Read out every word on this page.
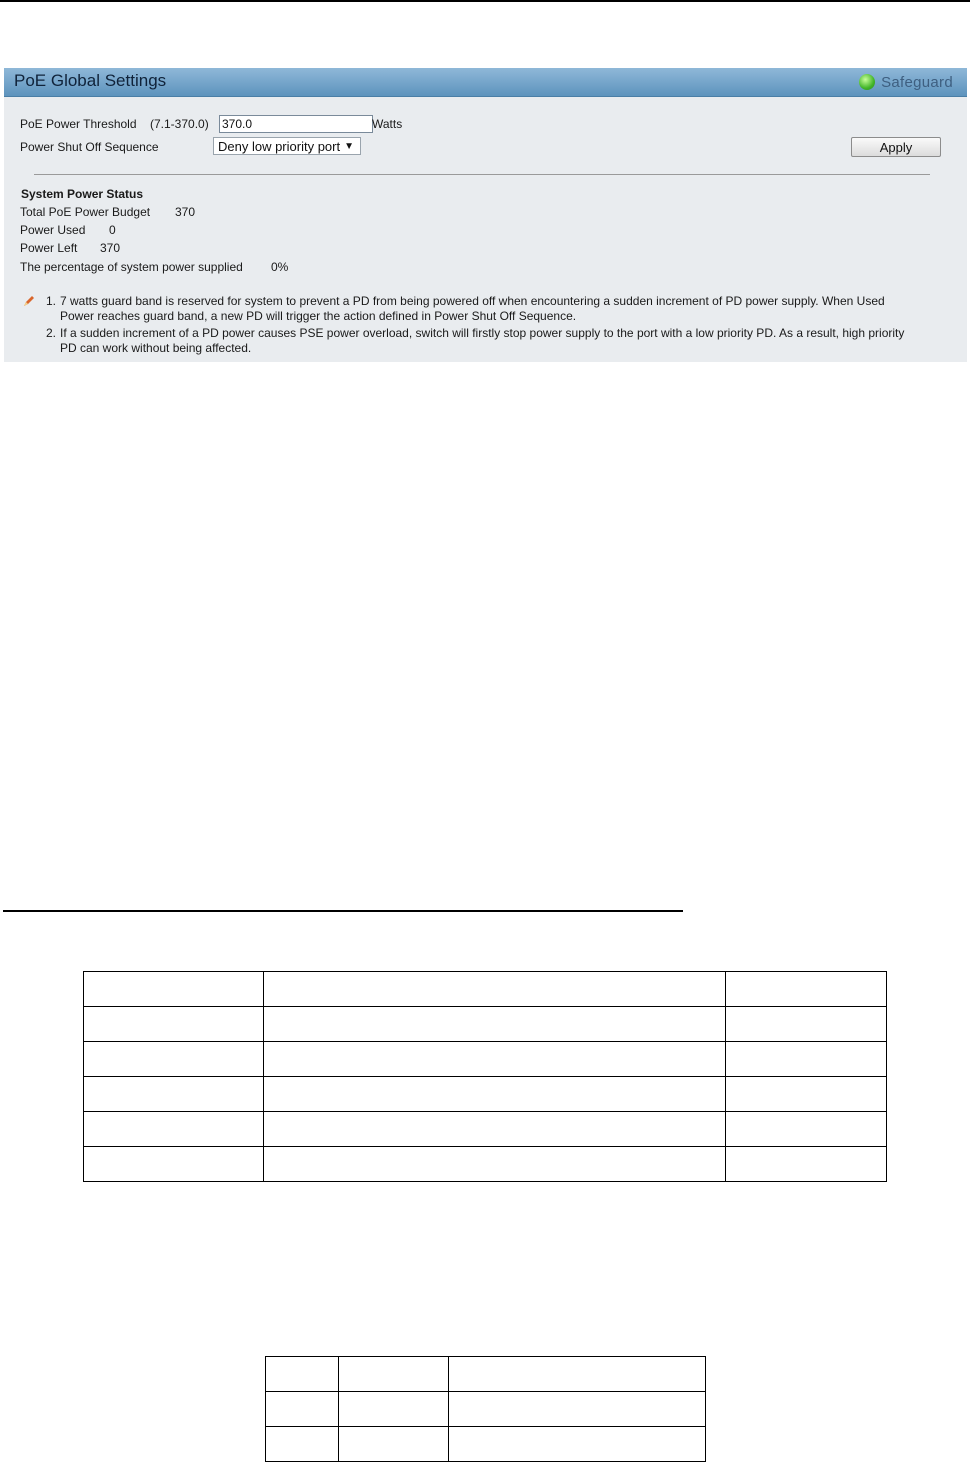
PoE Global Settings	Safeguard
PoE Power Threshold (7.1-370.0)
370.0	Watts
Power Shut Off Sequence	Deny low priority port ▼	Apply
System Power Status
Total PoE Power Budget 370
Power Used 0
Power Left 370
The percentage of system power supplied 0%
1. 7 watts guard band is reserved for system to prevent a PD from being powered off when encountering a sudden increment of PD power supply. When Used
Power reaches guard band, a new PD will trigger the action defined in Power Shut Off Sequence.
2. If a sudden increment of a PD power causes PSE power overload, switch will firstly stop power supply to the port with a low priority PD. As a result, high priority
PD can work without being affected.
